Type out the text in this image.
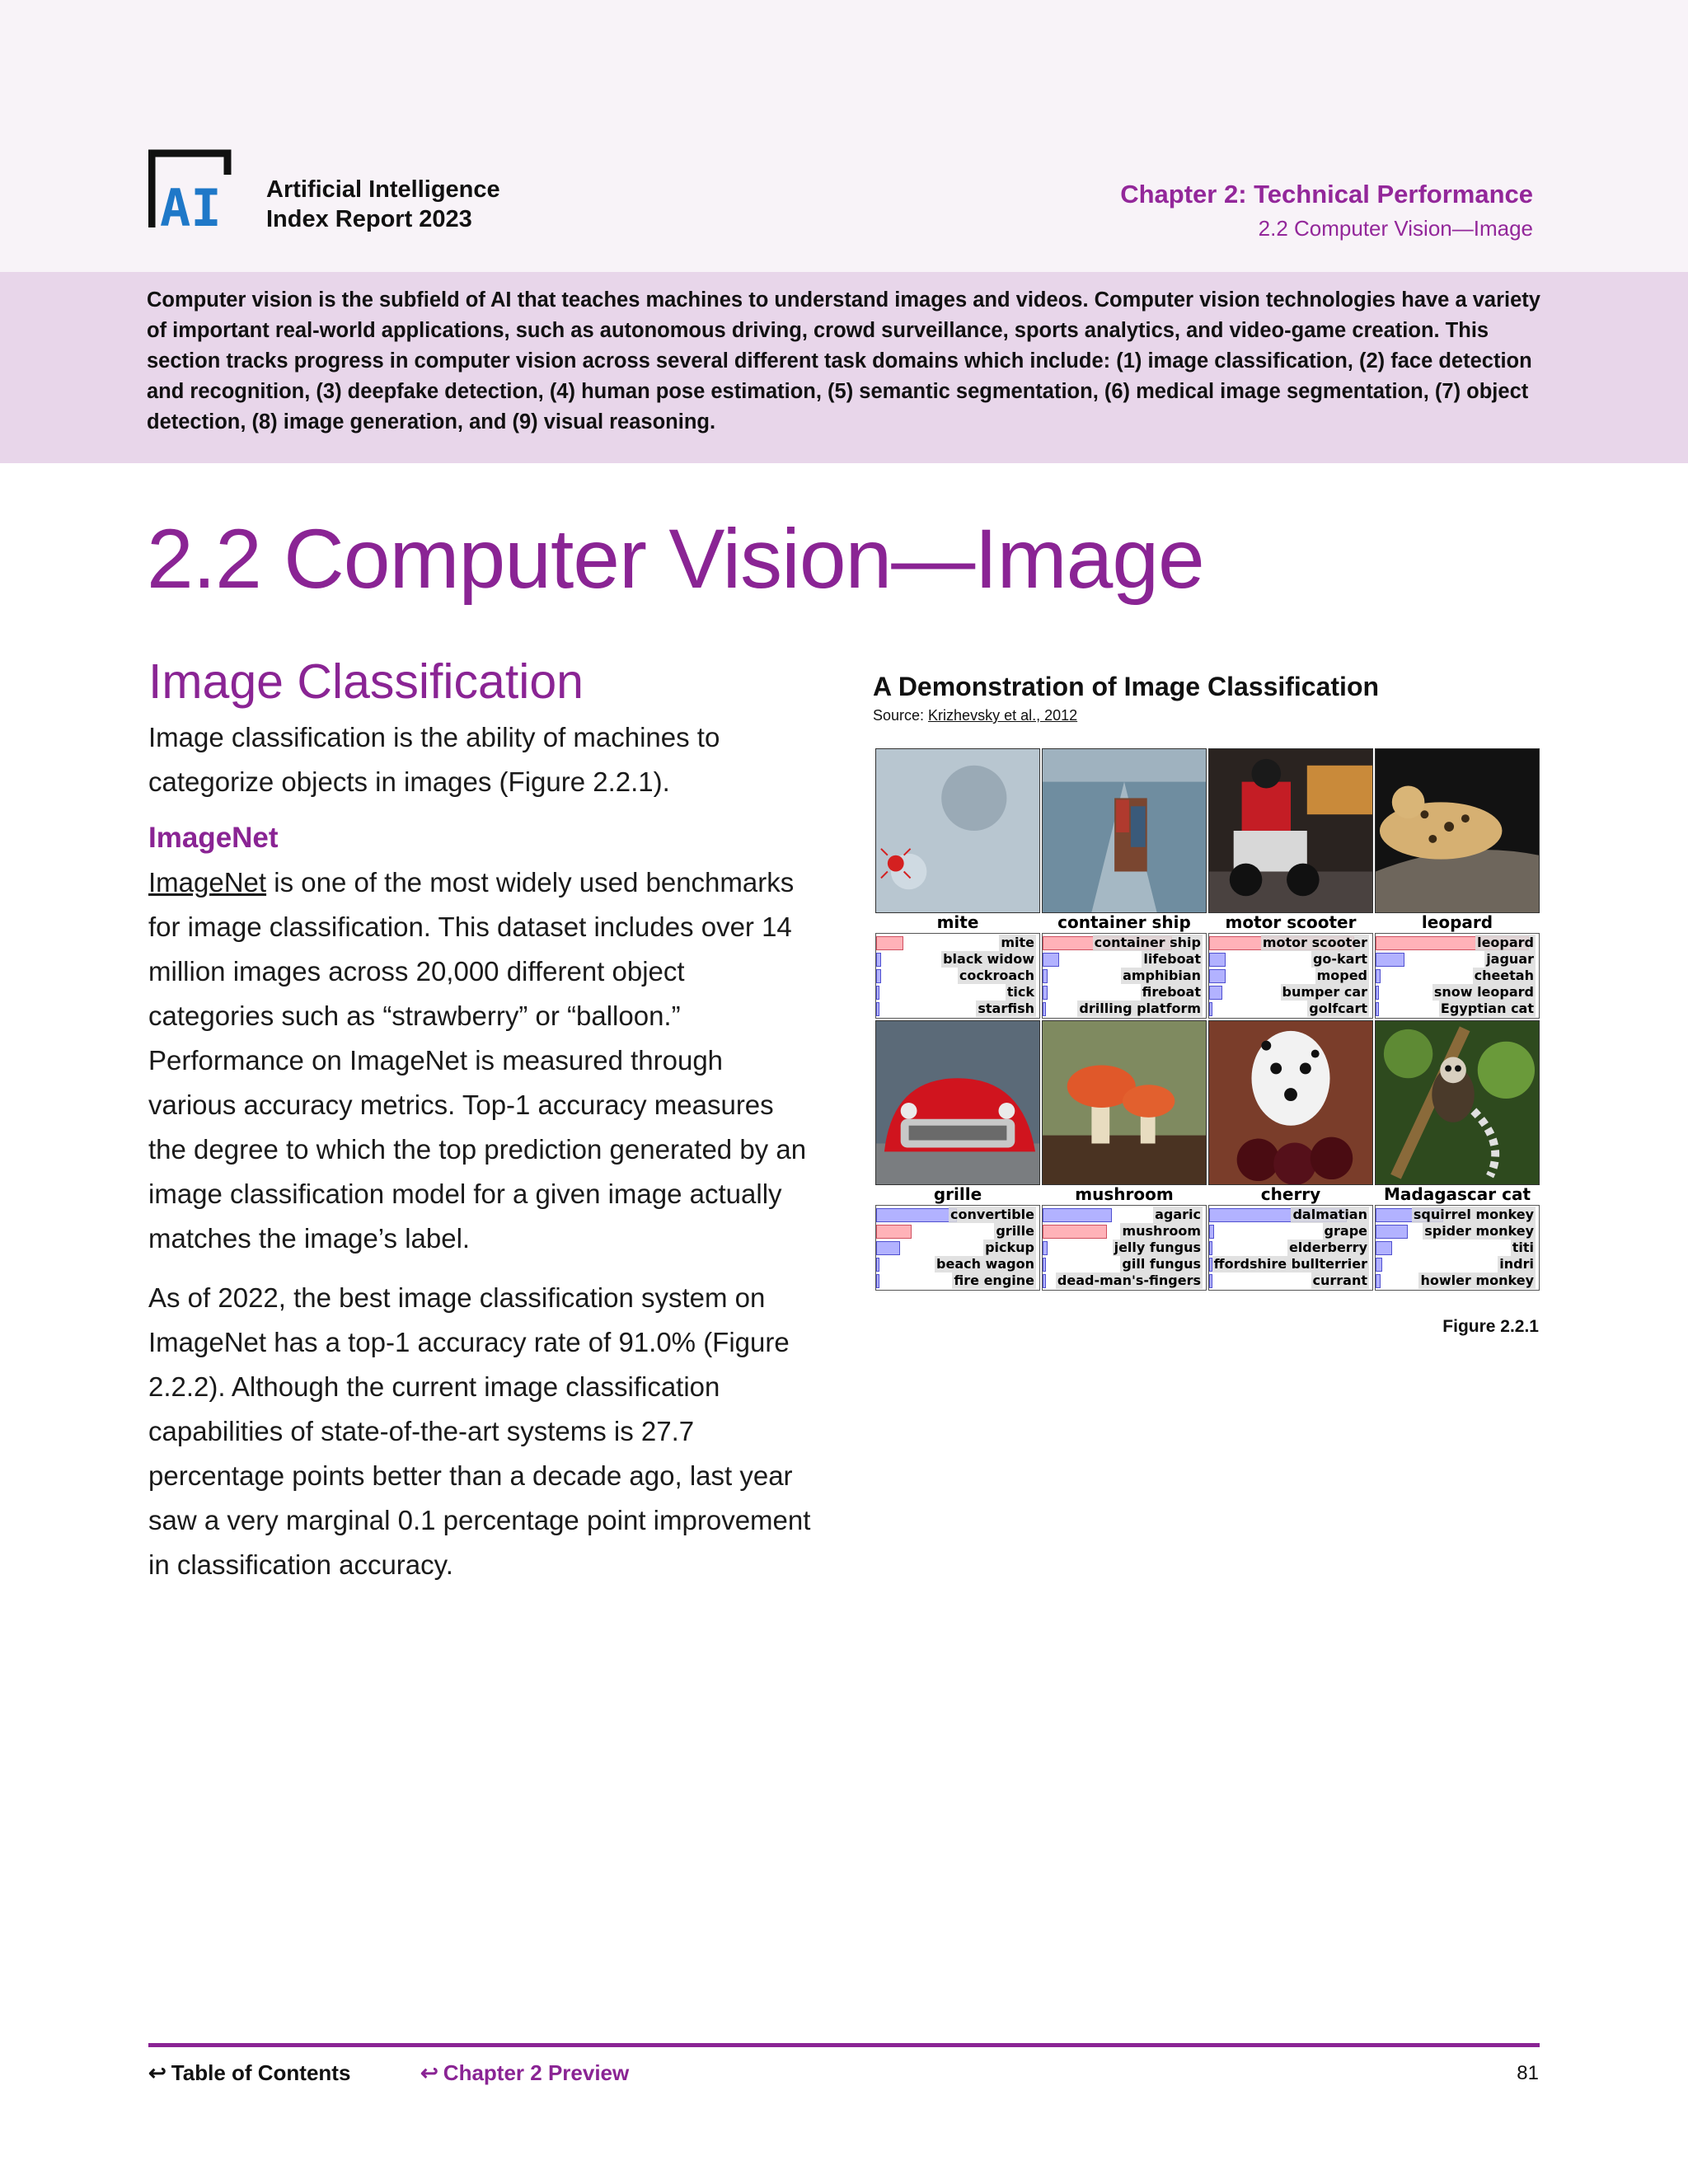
AI Artificial Intelligence
Index Report 2023
Chapter 2: Technical Performance
2.2 Computer Vision—Image
Computer vision is the subfield of AI that teaches machines to understand images and videos. Computer vision technologies have a variety of important real-world applications, such as autonomous driving, crowd surveillance, sports analytics, and video-game creation. This section tracks progress in computer vision across several different task domains which include: (1) image classification, (2) face detection and recognition, (3) deepfake detection, (4) human pose estimation, (5) semantic segmentation, (6) medical image segmentation, (7) object detection, (8) image generation, and (9) visual reasoning.
2.2 Computer Vision—Image
Image Classification

Image classification is the ability of machines to categorize objects in images (Figure 2.2.1).

ImageNet

ImageNet is one of the most widely used benchmarks for image classification. This dataset includes over 14 million images across 20,000 different object categories such as “strawberry” or “balloon.” Performance on ImageNet is measured through various accuracy metrics. Top-1 accuracy measures the degree to which the top prediction generated by an image classification model for a given image actually matches the image’s label.

As of 2022, the best image classification system on ImageNet has a top-1 accuracy rate of 91.0% (Figure 2.2.2). Although the current image classification capabilities of state-of-the-art systems is 27.7 percentage points better than a decade ago, last year saw a very marginal 0.1 percentage point improvement in classification accuracy.

A Demonstration of Image Classification
Source: Krizhevsky et al., 2012
mite
mite
black widow
cockroach
tick
starfish
container ship
container ship
lifeboat
amphibian
fireboat
drilling platform
motor scooter
motor scooter
go-kart
moped
bumper car
golfcart
leopard
leopard
jaguar
cheetah
snow leopard
Egyptian cat
grille
convertible
grille
pickup
beach wagon
fire engine
mushroom
agaric
mushroom
jelly fungus
gill fungus
dead-man's-fingers
cherry
dalmatian
grape
elderberry
ffordshire bullterrier
currant
Madagascar cat
squirrel monkey
spider monkey
titi
indri
howler monkey
Figure 2.2.1
↩ Table of Contents	↩ Chapter 2 Preview	81
